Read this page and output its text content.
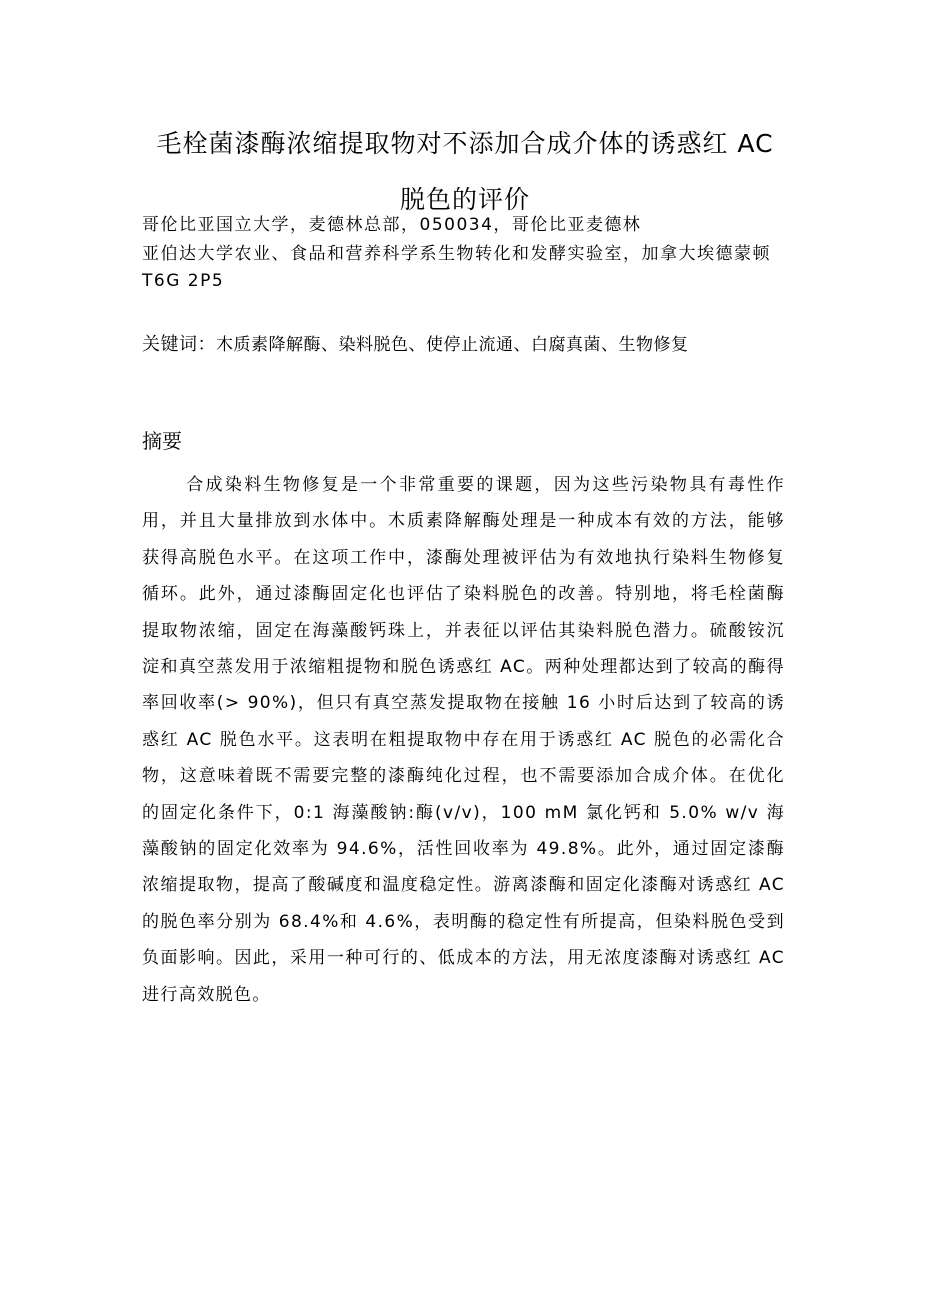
毛栓菌漆酶浓缩提取物对不添加合成介体的诱惑红 AC 脱色的评价

哥伦比亚国立大学，麦德林总部，050034，哥伦比亚麦德林

亚伯达大学农业、食品和营养科学系生物转化和发酵实验室，加拿大埃德蒙顿 T6G 2P5

关键词：木质素降解酶、染料脱色、使停止流通、白腐真菌、生物修复

摘要

合成染料生物修复是一个非常重要的课题，因为这些污染物具有毒性作用，并且大量排放到水体中。木质素降解酶处理是一种成本有效的方法，能够获得高脱色水平。在这项工作中，漆酶处理被评估为有效地执行染料生物修复循环。此外，通过漆酶固定化也评估了染料脱色的改善。特别地，将毛栓菌酶提取物浓缩，固定在海藻酸钙珠上，并表征以评估其染料脱色潜力。硫酸铵沉淀和真空蒸发用于浓缩粗提物和脱色诱惑红 AC。两种处理都达到了较高的酶得率回收率(> 90%)，但只有真空蒸发提取物在接触 16 小时后达到了较高的诱惑红 AC 脱色水平。这表明在粗提取物中存在用于诱惑红 AC 脱色的必需化合物，这意味着既不需要完整的漆酶纯化过程，也不需要添加合成介体。在优化的固定化条件下，0:1 海藻酸钠:酶(v/v)，100 mM 氯化钙和 5.0% w/v 海藻酸钠的固定化效率为 94.6%，活性回收率为 49.8%。此外，通过固定漆酶浓缩提取物，提高了酸碱度和温度稳定性。游离漆酶和固定化漆酶对诱惑红 AC 的脱色率分别为 68.4%和 4.6%，表明酶的稳定性有所提高，但染料脱色受到负面影响。因此，采用一种可行的、低成本的方法，用无浓度漆酶对诱惑红 AC 进行高效脱色。
